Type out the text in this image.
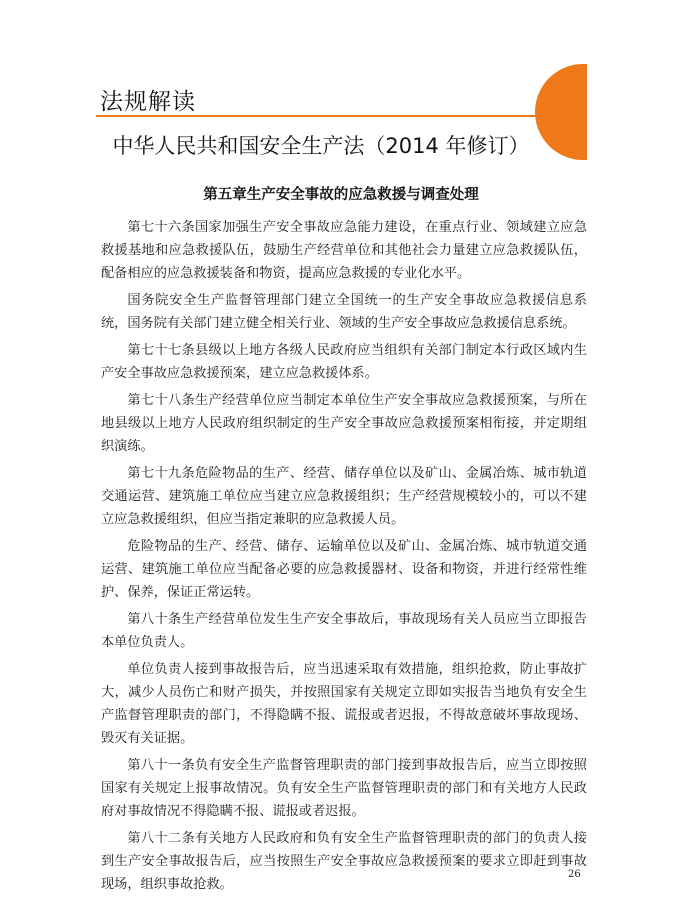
法规解读
中华人民共和国安全生产法（2014 年修订）
第五章生产安全事故的应急救援与调查处理

第七十六条国家加强生产安全事故应急能力建设，在重点行业、领域建立应急救援基地和应急救援队伍，鼓励生产经营单位和其他社会力量建立应急救援队伍，配备相应的应急救援装备和物资，提高应急救援的专业化水平。

国务院安全生产监督管理部门建立全国统一的生产安全事故应急救援信息系统，国务院有关部门建立健全相关行业、领域的生产安全事故应急救援信息系统。

第七十七条县级以上地方各级人民政府应当组织有关部门制定本行政区域内生产安全事故应急救援预案，建立应急救援体系。

第七十八条生产经营单位应当制定本单位生产安全事故应急救援预案，与所在地县级以上地方人民政府组织制定的生产安全事故应急救援预案相衔接，并定期组织演练。

第七十九条危险物品的生产、经营、储存单位以及矿山、金属冶炼、城市轨道交通运营、建筑施工单位应当建立应急救援组织；生产经营规模较小的，可以不建立应急救援组织，但应当指定兼职的应急救援人员。

危险物品的生产、经营、储存、运输单位以及矿山、金属冶炼、城市轨道交通运营、建筑施工单位应当配备必要的应急救援器材、设备和物资，并进行经常性维护、保养，保证正常运转。

第八十条生产经营单位发生生产安全事故后，事故现场有关人员应当立即报告本单位负责人。

单位负责人接到事故报告后，应当迅速采取有效措施，组织抢救，防止事故扩大，减少人员伤亡和财产损失，并按照国家有关规定立即如实报告当地负有安全生产监督管理职责的部门，不得隐瞒不报、谎报或者迟报，不得故意破坏事故现场、毁灭有关证据。

第八十一条负有安全生产监督管理职责的部门接到事故报告后，应当立即按照国家有关规定上报事故情况。负有安全生产监督管理职责的部门和有关地方人民政府对事故情况不得隐瞒不报、谎报或者迟报。

第八十二条有关地方人民政府和负有安全生产监督管理职责的部门的负责人接到生产安全事故报告后，应当按照生产安全事故应急救援预案的要求立即赶到事故现场，组织事故抢救。

26
